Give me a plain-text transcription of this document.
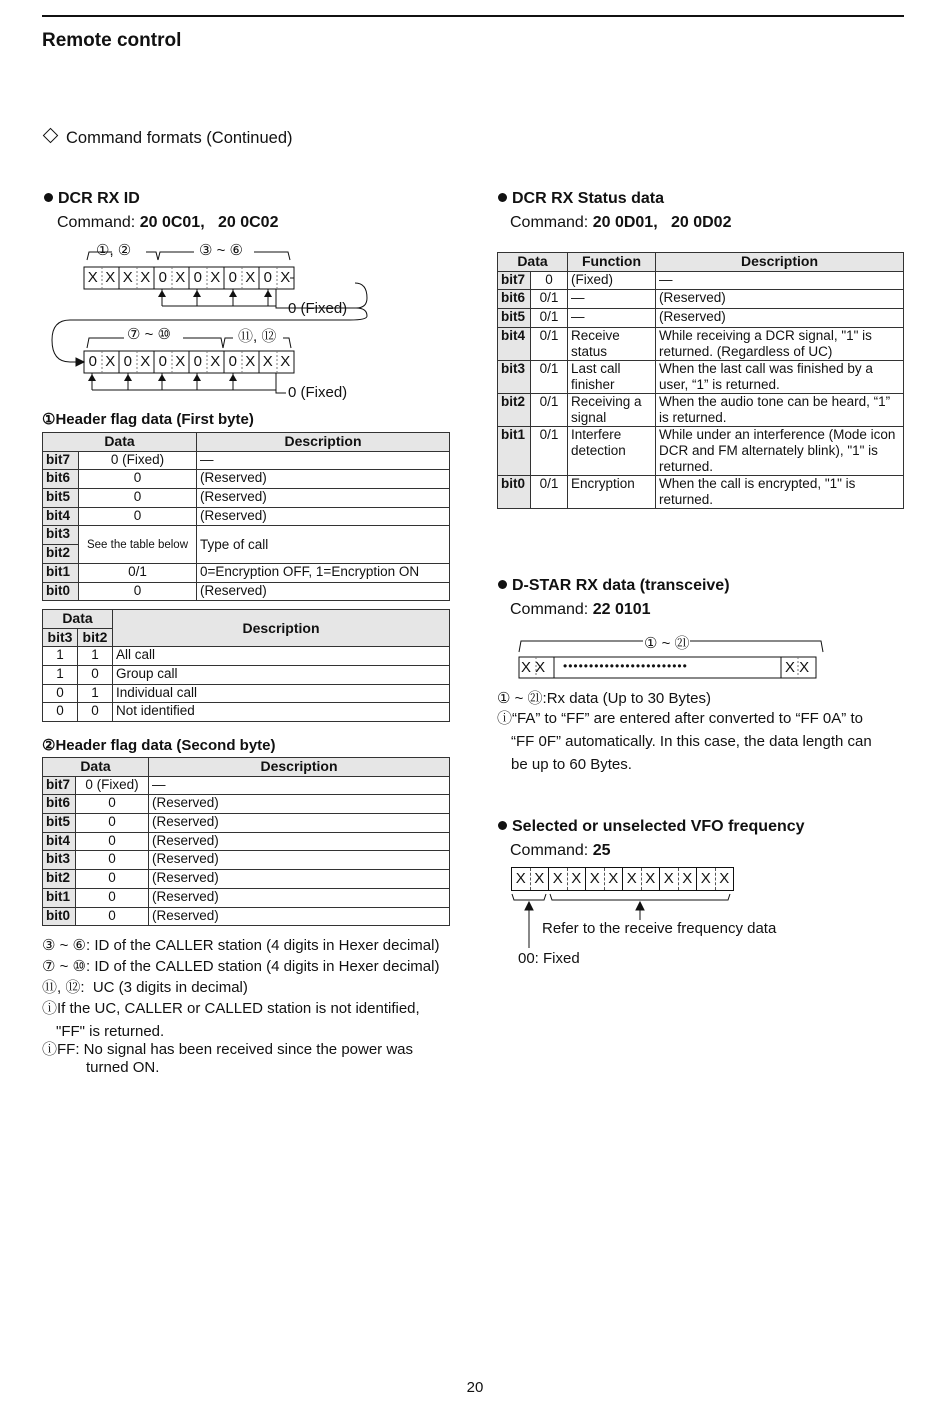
Remote control
Command formats (Continued)
DCR RX ID
Command: 20 0C01,   20 0C02
①, ②	③ ~ ⑥
⑦ ~ ⑩	⑪, ⑫
X X X X 0 X 0 X 0 X 0 X
0 X 0 X 0 X 0 X 0 X X X
0 (Fixed)
0 (Fixed)
①Header flag data (First byte)
Data		Description
bit7	0 (Fixed)	—
bit6	0	(Reserved)
bit5	0	(Reserved)
bit4	0	(Reserved)
bit3	See the table below	Type of call
bit2		
bit1	0/1	0=Encryption OFF, 1=Encryption ON
bit0	0	(Reserved)
Data		Description
bit3	bit2	
1	1	All call
1	0	Group call
0	1	Individual call
0	0	Not identified
②Header flag data (Second byte)
Data		Description
bit7	0 (Fixed)	—
bit6	0	(Reserved)
bit5	0	(Reserved)
bit4	0	(Reserved)
bit3	0	(Reserved)
bit2	0	(Reserved)
bit1	0	(Reserved)
bit0	0	(Reserved)
③ ~ ⑥: ID of the CALLER station (4 digits in Hexer decimal)
⑦ ~ ⑩: ID of the CALLED station (4 digits in Hexer decimal)
⑪, ⑫:  UC (3 digits in decimal)
ⓘIf the UC, CALLER or CALLED station is not identified,
"FF" is returned.
ⓘFF: No signal has been received since the power was
turned ON.
DCR RX Status data
Command: 20 0D01,   20 0D02
Data		Function	Description
bit7	0	(Fixed)	—
bit6	0/1	—	(Reserved)
bit5	0/1	—	(Reserved)
bit4	0/1	Receive status	While receiving a DCR signal, "1" is returned. (Regardless of UC)
bit3	0/1	Last call finisher	When the last call was finished by a user, “1” is returned.
bit2	0/1	Receiving a signal	When the audio tone can be heard, “1” is returned.
bit1	0/1	Interfere detection	While under an interference (Mode icon DCR and FM alternately blink), "1" is returned.
bit0	0/1	Encryption	When the call is encrypted, "1" is returned.
D-STAR RX data (transceive)
Command: 22 0101
① ~ ㉑
X X ••••••••••••••••••••••••	X X
① ~ ㉑:Rx data (Up to 30 Bytes)
ⓘ“FA” to “FF” are entered after converted to “FF 0A” to
“FF 0F” automatically. In this case, the data length can
be up to 60 Bytes.
Selected or unselected VFO frequency
Command: 25
X X X X X X X X X X X X
Refer to the receive frequency data
00: Fixed
20
